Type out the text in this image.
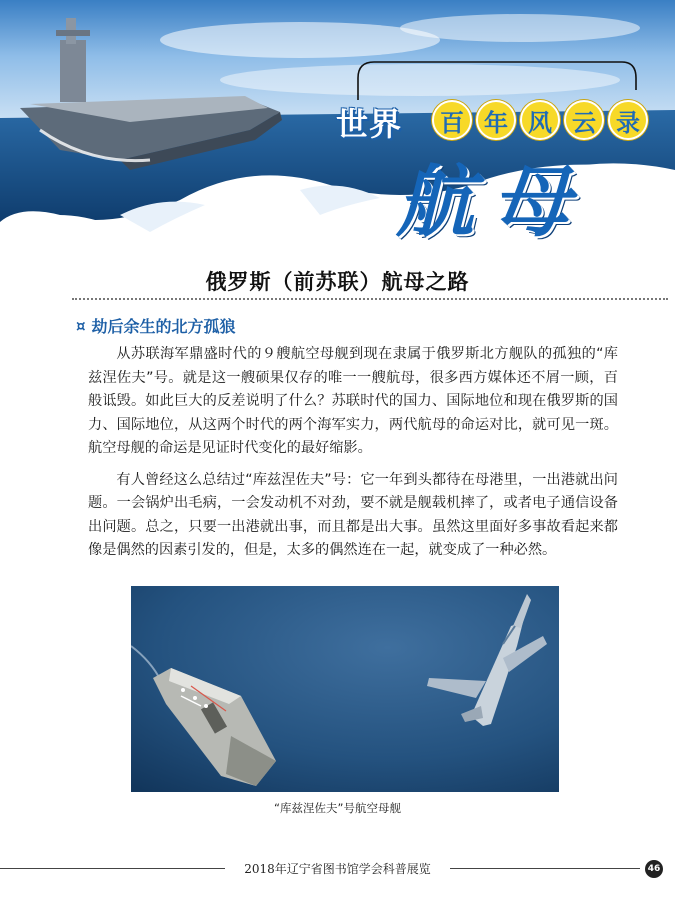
世界	百 年 风 云 录
航母
俄罗斯（前苏联）航母之路
¤ 劫后余生的北方孤狼

从苏联海军鼎盛时代的９艘航空母舰到现在隶属于俄罗斯北方舰队的孤独的“库兹涅佐夫”号。就是这一艘硕果仅存的唯一一艘航母，很多西方媒体还不屑一顾，百般诋毁。如此巨大的反差说明了什么？苏联时代的国力、国际地位和现在俄罗斯的国力、国际地位，从这两个时代的两个海军实力，两代航母的命运对比，就可见一斑。航空母舰的命运是见证时代变化的最好缩影。

有人曾经这么总结过“库兹涅佐夫”号：它一年到头都待在母港里，一出港就出问题。一会锅炉出毛病，一会发动机不对劲，要不就是舰载机摔了，或者电子通信设备出问题。总之，只要一出港就出事，而且都是出大事。虽然这里面好多事故看起来都像是偶然的因素引发的，但是，太多的偶然连在一起，就变成了一种必然。

“库兹涅佐夫”号航空母舰
2018年辽宁省图书馆学会科普展览	46
